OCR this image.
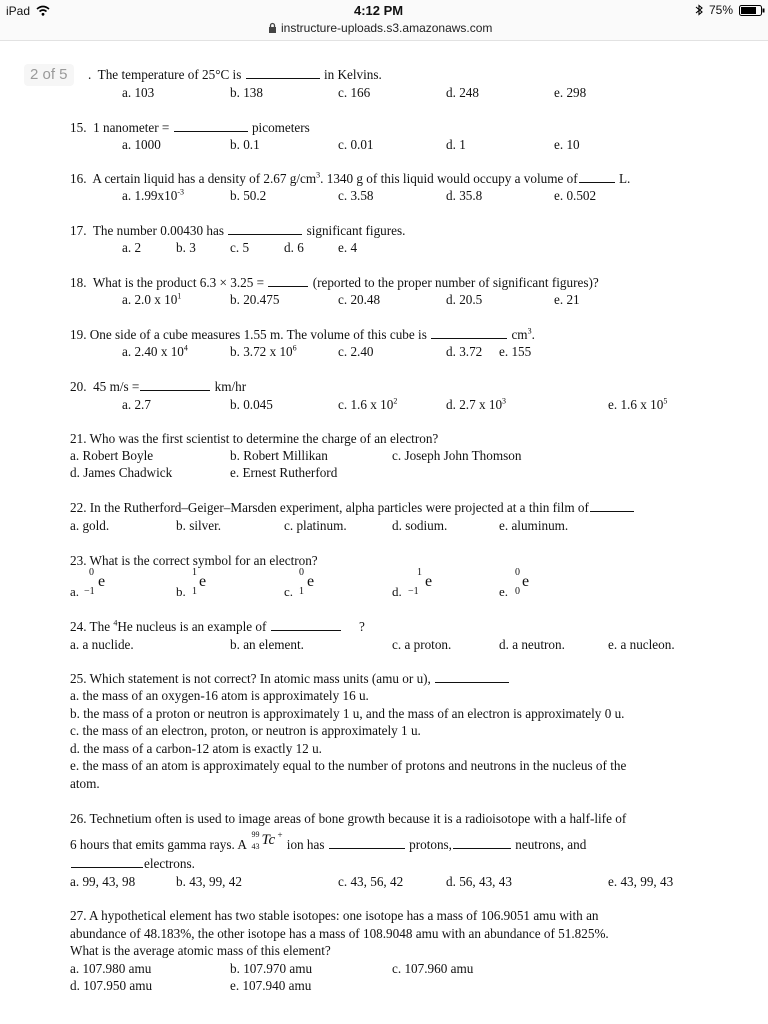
iPad	4:12 PM
instructure-uploads.s3.amazonaws.com
75%
2 of 5	. The temperature of 25°C is	in Kelvins.
a. 103	b. 138	c. 166	d. 248	e. 298
15. 1 nanometer =	picometers
a. 1000	b. 0.1	c. 0.01	d. 1	e. 10
16. A certain liquid has a density of 2.67 $g/cm^3$. 1340 g of this liquid would occupy a volume of	L.
a. $1.99x10^{-3}$	b. 50.2	c. 3.58	d. 35.8	e. 0.502
17. The number 0.00430 has	significant figures.
a. 2	b. 3	c. 5	d. 6	e. 4
18. What is the product 6.3 × 3.25 =	(reported to the proper number of significant figures)?
a. 2.0 x $10^1$	b. 20.475	c. 20.48	d. 20.5	e. 21
19. One side of a cube measures 1.55 m. The volume of this cube is	$cm^3$.
a. 2.40 x $10^4$	b. 3.72 x $10^6$	c. 2.40	d. 3.72 e. 155
20. 45 m/s =	km/hr
a. 2.7	b. 0.045	c. 1.6 x $10^2$	d. 2.7 x $10^3$	e. 1.6 x $10^5$
21. Who was the first scientist to determine the charge of an electron?
a. Robert Boyle	b. Robert Millikan	c. Joseph John Thomson
d. James Chadwick	e. Ernest Rutherford
22. In the Rutherford–Geiger–Marsden experiment, alpha particles were projected at a thin film of
a. gold.	b. silver.	c. platinum.	d. sodium.	e. aluminum.
23. What is the correct symbol for an electron?
a.
0
−1
e
b.
1
1
e
c.
0
1
e
d.
1
−1
e
e.
0
0
e
24. The $^4$He nucleus is an example of	?
a. a nuclide.	b. an element.	c. a proton.	d. a neutron.	e. a nucleon.
25. Which statement is not correct? In atomic mass units (amu or u),
a. the mass of an oxygen-16 atom is approximately 16 u.
b. the mass of a proton or neutron is approximately 1 u, and the mass of an electron is approximately 0 u.
c. the mass of an electron, proton, or neutron is approximately 1 u.
d. the mass of a carbon-12 atom is exactly 12 u.
e. the mass of an atom is approximately equal to the number of protons and neutrons in the nucleus of the
atom.
26. Technetium often is used to image areas of bone growth because it is a radioisotope with a half-life of
6 hours that emits gamma rays. A
99
43 Tc +
ion has	protons,	neutrons, and
electrons.
a. 99, 43, 98	b. 43, 99, 42	c. 43, 56, 42	d. 56, 43, 43	e. 43, 99, 43
27. A hypothetical element has two stable isotopes: one isotope has a mass of 106.9051 amu with an
abundance of 48.183%, the other isotope has a mass of 108.9048 amu with an abundance of 51.825%.
What is the average atomic mass of this element?
a. 107.980 amu	b. 107.970 amu	c. 107.960 amu
d. 107.950 amu	e. 107.940 amu
